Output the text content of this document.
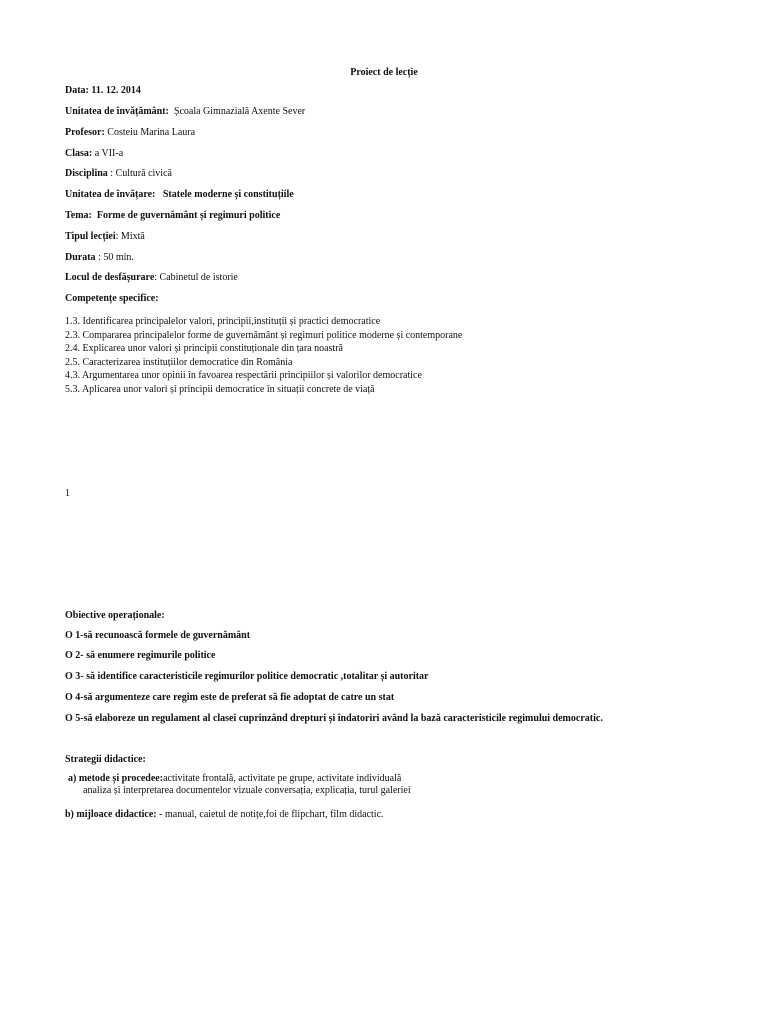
Proiect de lecție
Data: 11. 12. 2014
Unitatea de învățământ:  Școala Gimnazială Axente Sever
Profesor: Costeiu Marina Laura
Clasa: a VII-a
Disciplina : Cultură civică
Unitatea de învățare:   Statele moderne și constituțiile
Tema:  Forme de guvernământ și regimuri politice
Tipul lecției: Mixtă
Durata : 50 min.
Locul de desfășurare: Cabinetul de istorie
Competențe specifice:
1.3. Identificarea principalelor valori, principii,instituții și practici democratice
2.3. Compararea principalelor forme de guvernământ și regimuri politice moderne și contemporane
2.4. Explicarea unor valori și principii constituționale din țara noastră
2.5. Caracterizarea instituțiilor democratice din România
4.3. Argumentarea unor opinii în favoarea respectării principiilor și valorilor democratice
5.3. Aplicarea unor valori și principii democratice în situații concrete de viață
1
Obiective operaționale:
O 1-să recunoască formele de guvernământ
O 2- să enumere regimurile politice
O 3- să identifice caracteristicile regimurilor politice democratic ,totalitar și autoritar
O 4-să argumenteze care regim este de preferat să fie adoptat de catre un stat
O 5-să elaboreze un regulament al clasei cuprinzând drepturi și îndatoriri având la bază caracteristicile regimului democratic.
Strategii didactice:
a) metode și procedee:activitate frontală, activitate pe grupe, activitate individuală
analiza și interpretarea documentelor vizuale conversația, explicația, turul galeriei
b) mijloace didactice: - manual, caietul de notițe,foi de flipchart, film didactic.
